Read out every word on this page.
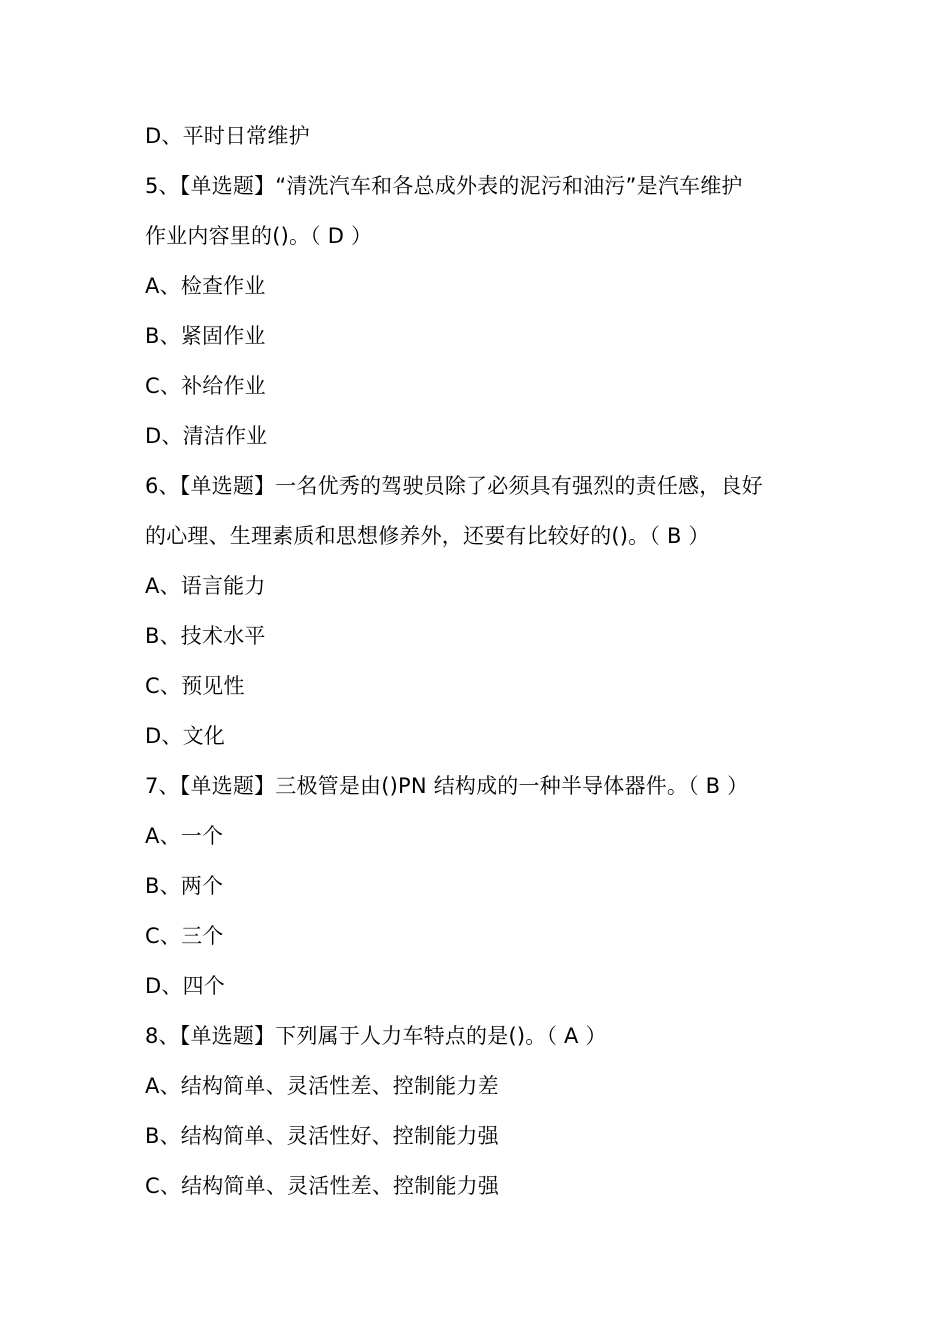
D、平时日常维护
5、【单选题】“清洗汽车和各总成外表的泥污和油污”是汽车维护
作业内容里的()。（ D ）
A、检查作业
B、紧固作业
C、补给作业
D、清洁作业
6、【单选题】一名优秀的驾驶员除了必须具有强烈的责任感，良好
的心理、生理素质和思想修养外，还要有比较好的()。（ B ）
A、语言能力
B、技术水平
C、预见性
D、文化
7、【单选题】三极管是由()PN 结构成的一种半导体器件。（ B ）
A、一个
B、两个
C、三个
D、四个
8、【单选题】下列属于人力车特点的是()。（ A ）
A、结构简单、灵活性差、控制能力差
B、结构简单、灵活性好、控制能力强
C、结构简单、灵活性差、控制能力强
